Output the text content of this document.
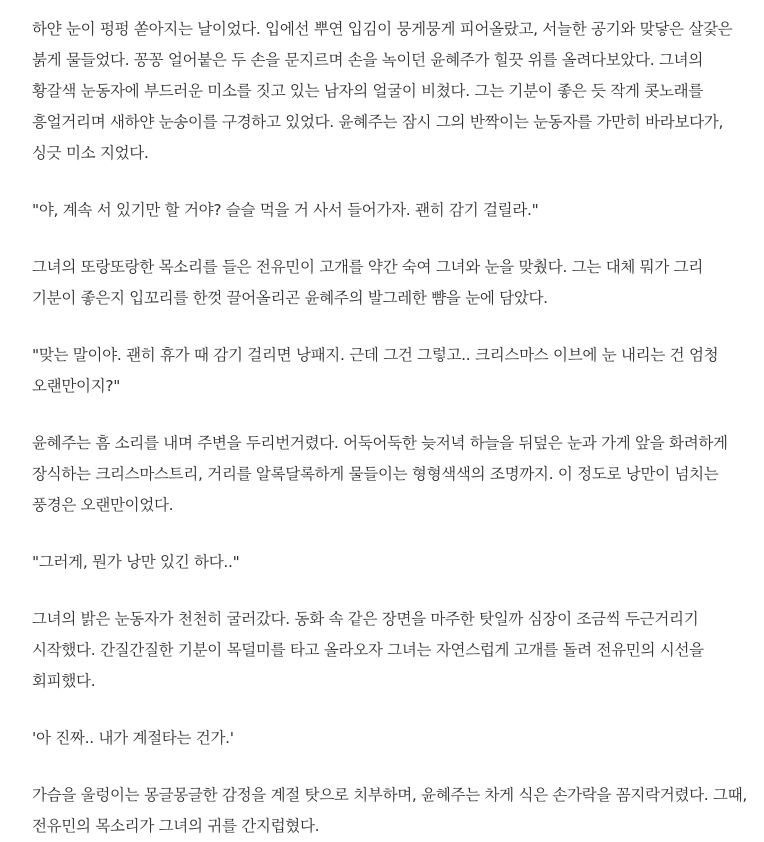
하얀 눈이 펑펑 쏟아지는 날이었다. 입에선 뿌연 입김이 뭉게뭉게 피어올랐고, 서늘한 공기와 맞닿은 살갗은 붉게 물들었다. 꽁꽁 얼어붙은 두 손을 문지르며 손을 녹이던 윤혜주가 힐끗 위를 올려다보았다. 그녀의 황갈색 눈동자에 부드러운 미소를 짓고 있는 남자의 얼굴이 비쳤다. 그는 기분이 좋은 듯 작게 콧노래를 흥얼거리며 새하얀 눈송이를 구경하고 있었다. 윤혜주는 잠시 그의 반짝이는 눈동자를 가만히 바라보다가, 싱긋 미소 지었다.

"야, 계속 서 있기만 할 거야? 슬슬 먹을 거 사서 들어가자. 괜히 감기 걸릴라."

그녀의 또랑또랑한 목소리를 들은 전유민이 고개를 약간 숙여 그녀와 눈을 맞췄다. 그는 대체 뭐가 그리 기분이 좋은지 입꼬리를 한껏 끌어올리곤 윤혜주의 발그레한 뺨을 눈에 담았다.

"맞는 말이야. 괜히 휴가 때 감기 걸리면 낭패지. 근데 그건 그렇고.. 크리스마스 이브에 눈 내리는 건 엄청 오랜만이지?"

윤혜주는 흠 소리를 내며 주변을 두리번거렸다. 어둑어둑한 늦저녁 하늘을 뒤덮은 눈과 가게 앞을 화려하게 장식하는 크리스마스트리, 거리를 알록달록하게 물들이는 형형색색의 조명까지. 이 정도로 낭만이 넘치는 풍경은 오랜만이었다.

"그러게, 뭔가 낭만 있긴 하다.."

그녀의 밝은 눈동자가 천천히 굴러갔다. 동화 속 같은 장면을 마주한 탓일까 심장이 조금씩 두근거리기 시작했다. 간질간질한 기분이 목덜미를 타고 올라오자 그녀는 자연스럽게 고개를 돌려 전유민의 시선을 회피했다.

'아 진짜.. 내가 계절타는 건가.'

가슴을 울렁이는 몽글몽글한 감정을 계절 탓으로 치부하며, 윤혜주는 차게 식은 손가락을 꼼지락거렸다. 그때, 전유민의 목소리가 그녀의 귀를 간지럽혔다.
